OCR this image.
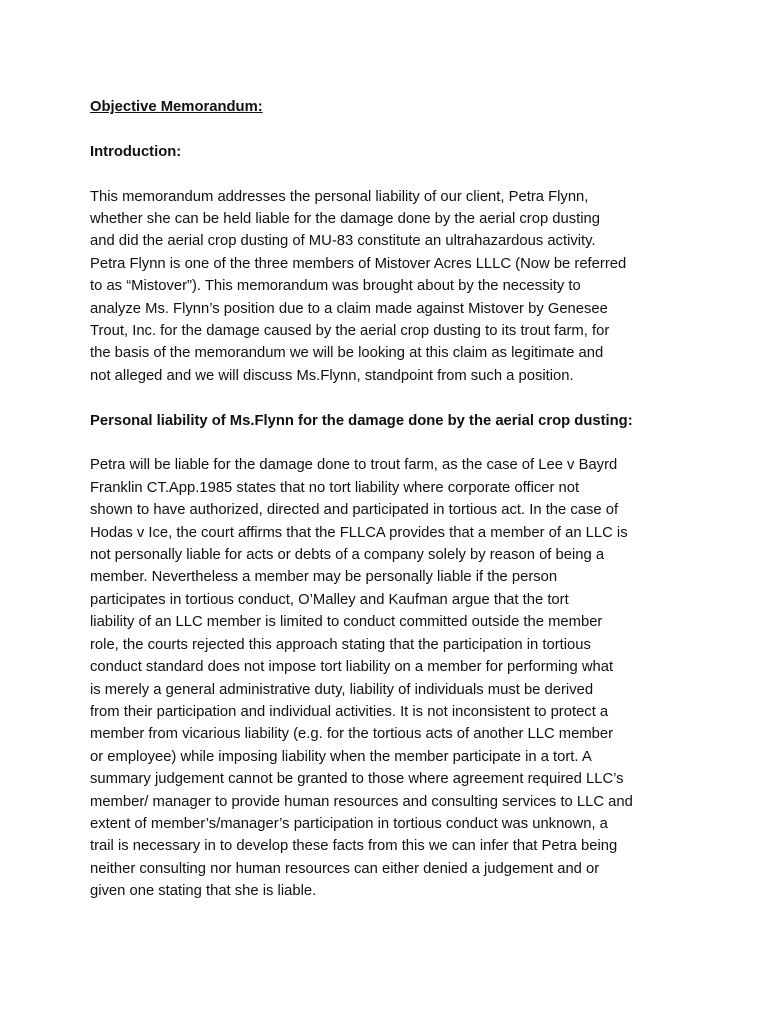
Objective Memorandum:

Introduction:

This memorandum addresses the personal liability of our client, Petra Flynn,

whether she can be held liable for the damage done by the aerial crop dusting

and did the aerial crop dusting of MU-83 constitute an ultrahazardous activity.

Petra Flynn is one of the three members of Mistover Acres LLLC (Now be referred

to as “Mistover”). This memorandum was brought about by the necessity to

analyze Ms. Flynn’s position due to a claim made against Mistover by Genesee

Trout, Inc. for the damage caused by the aerial crop dusting to its trout farm, for

the basis of the memorandum we will be looking at this claim as legitimate and

not alleged and we will discuss Ms.Flynn, standpoint from such a position.

Personal liability of Ms.Flynn for the damage done by the aerial crop dusting:

Petra will be liable for the damage done to trout farm, as the case of Lee v Bayrd

Franklin CT.App.1985 states that no tort liability where corporate officer not

shown to have authorized, directed and participated in tortious act. In the case of

Hodas v Ice, the court affirms that the FLLCA provides that a member of an LLC is

not personally liable for acts or debts of a company solely by reason of being a

member. Nevertheless a member may be personally liable if the person

participates in tortious conduct, O’Malley and Kaufman argue that the tort

liability of an LLC member is limited to conduct committed outside the member

role, the courts rejected this approach stating that the participation in tortious

conduct standard does not impose tort liability on a member for performing what

is merely a general administrative duty, liability of individuals must be derived

from their participation and individual activities. It is not inconsistent to protect a

member from vicarious liability (e.g. for the tortious acts of another LLC member

or employee) while imposing liability when the member participate in a tort. A

summary judgement cannot be granted to those where agreement required LLC’s

member/ manager to provide human resources and consulting services to LLC and

extent of member’s/manager’s participation in tortious conduct was unknown, a

trail is necessary in to develop these facts from this we can infer that Petra being

neither consulting nor human resources can either denied a judgement and or

given one stating that she is liable.
